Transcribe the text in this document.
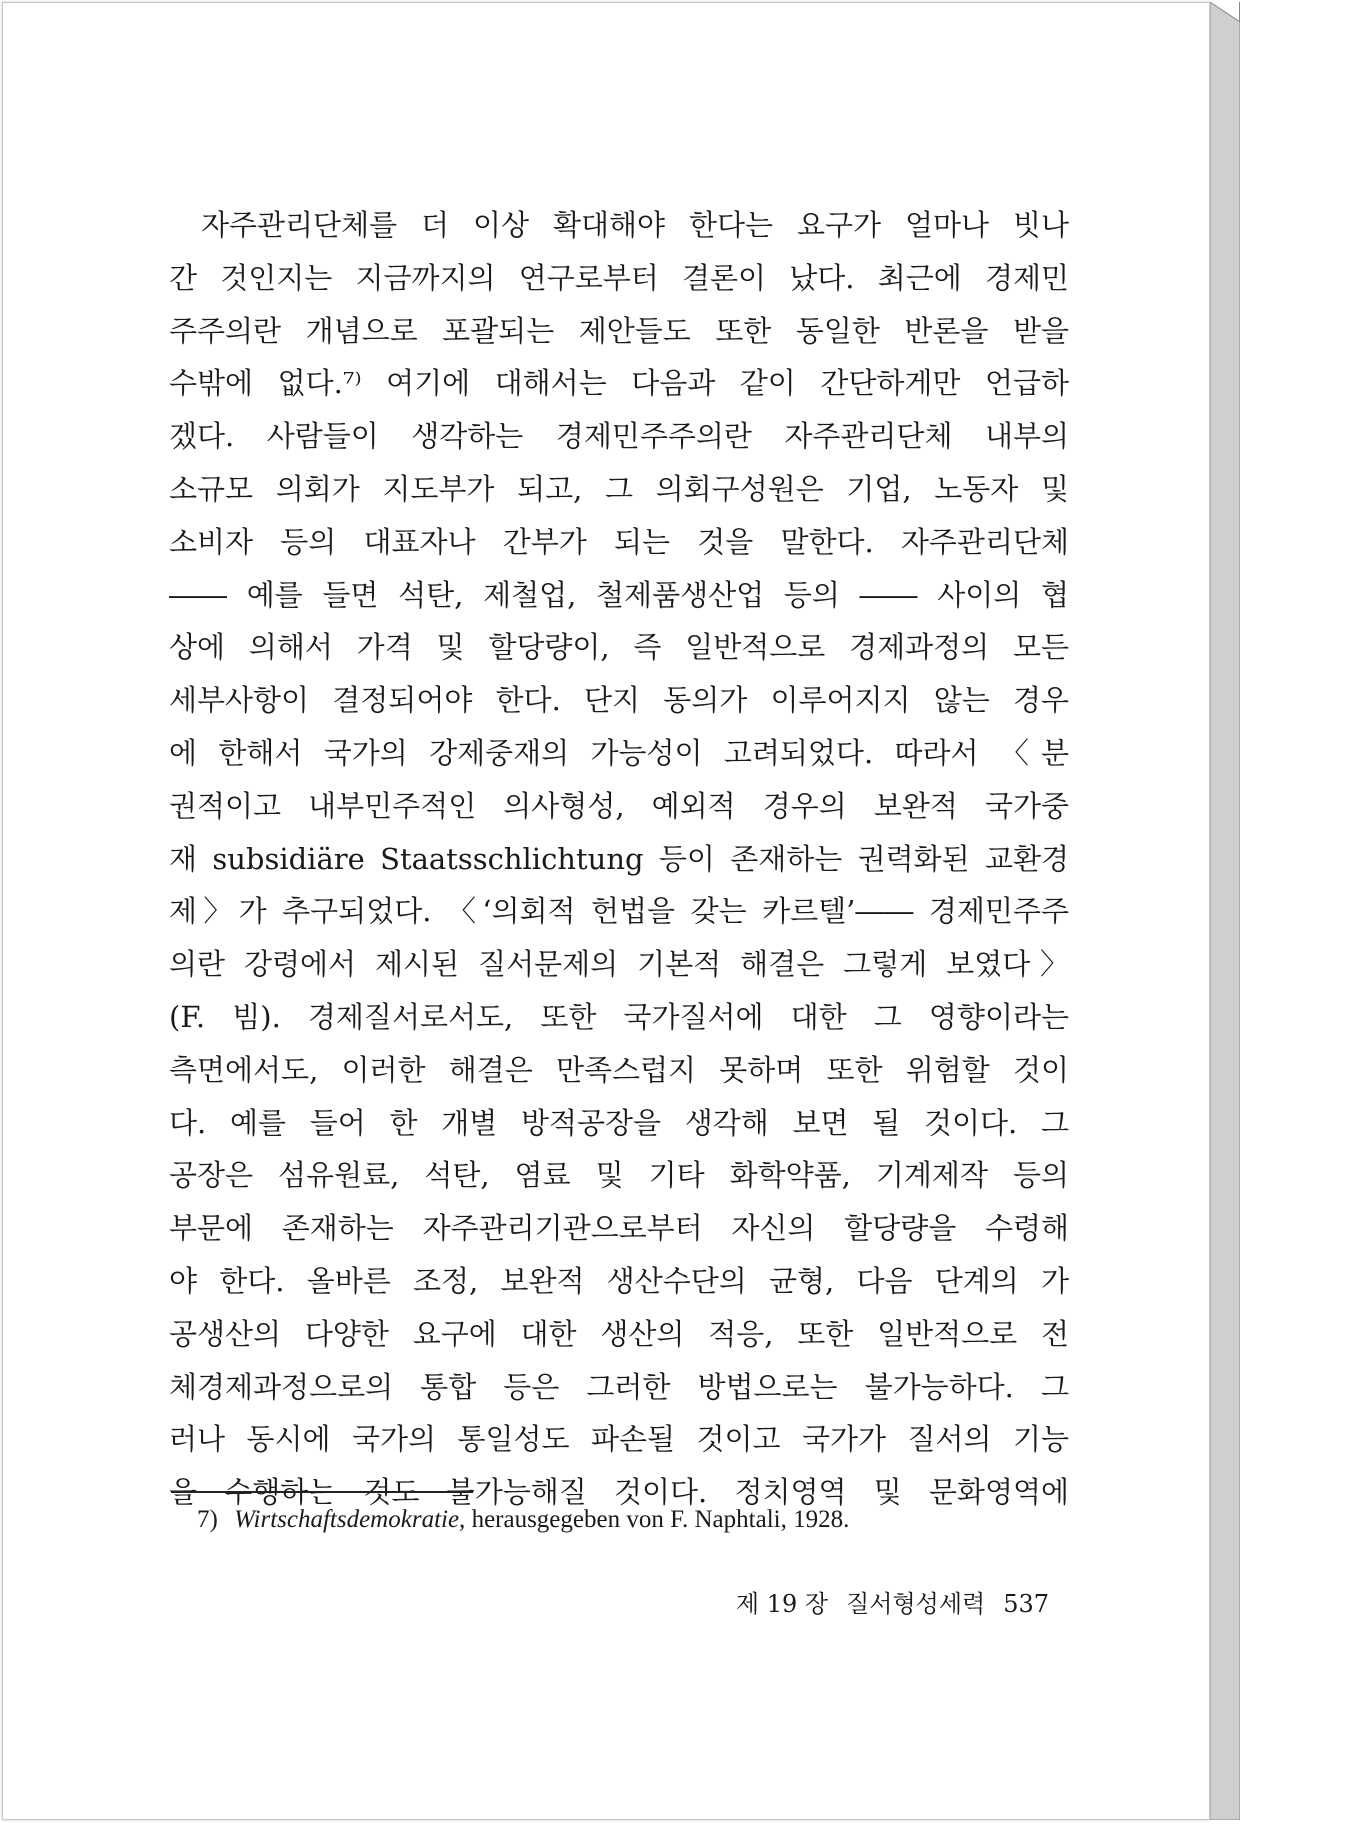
자주관리단체를 더 이상 확대해야 한다는 요구가 얼마나 빗나
간 것인지는 지금까지의 연구로부터 결론이 났다. 최근에 경제민
주주의란 개념으로 포괄되는 제안들도 또한 동일한 반론을 받을
수밖에 없다.⁷⁾ 여기에 대해서는 다음과 같이 간단하게만 언급하
겠다. 사람들이 생각하는 경제민주주의란 자주관리단체 내부의
소규모 의회가 지도부가 되고, 그 의회구성원은 기업, 노동자 및
소비자 등의 대표자나 간부가 되는 것을 말한다. 자주관리단체
―― 예를 들면 석탄, 제철업, 철제품생산업 등의 ―― 사이의 협
상에 의해서 가격 및 할당량이, 즉 일반적으로 경제과정의 모든
세부사항이 결정되어야 한다. 단지 동의가 이루어지지 않는 경우
에 한해서 국가의 강제중재의 가능성이 고려되었다. 따라서 〈분
권적이고 내부민주적인 의사형성, 예외적 경우의 보완적 국가중
재 subsidiäre Staatsschlichtung 등이 존재하는 권력화된 교환경
제〉가 추구되었다. 〈‘의회적 헌법을 갖는 카르텔’―― 경제민주주
의란 강령에서 제시된 질서문제의 기본적 해결은 그렇게 보였다〉
(F. 빔). 경제질서로서도, 또한 국가질서에 대한 그 영향이라는
측면에서도, 이러한 해결은 만족스럽지 못하며 또한 위험할 것이
다. 예를 들어 한 개별 방적공장을 생각해 보면 될 것이다. 그
공장은 섬유원료, 석탄, 염료 및 기타 화학약품, 기계제작 등의
부문에 존재하는 자주관리기관으로부터 자신의 할당량을 수령해
야 한다. 올바른 조정, 보완적 생산수단의 균형, 다음 단계의 가
공생산의 다양한 요구에 대한 생산의 적응, 또한 일반적으로 전
체경제과정으로의 통합 등은 그러한 방법으로는 불가능하다. 그
러나 동시에 국가의 통일성도 파손될 것이고 국가가 질서의 기능
을 수행하는 것도 불가능해질 것이다. 정치영역 및 문화영역에
7) Wirtschaftsdemokratie, herausgegeben von F. Naphtali, 1928.
제 19 장 질서형성세력 537
